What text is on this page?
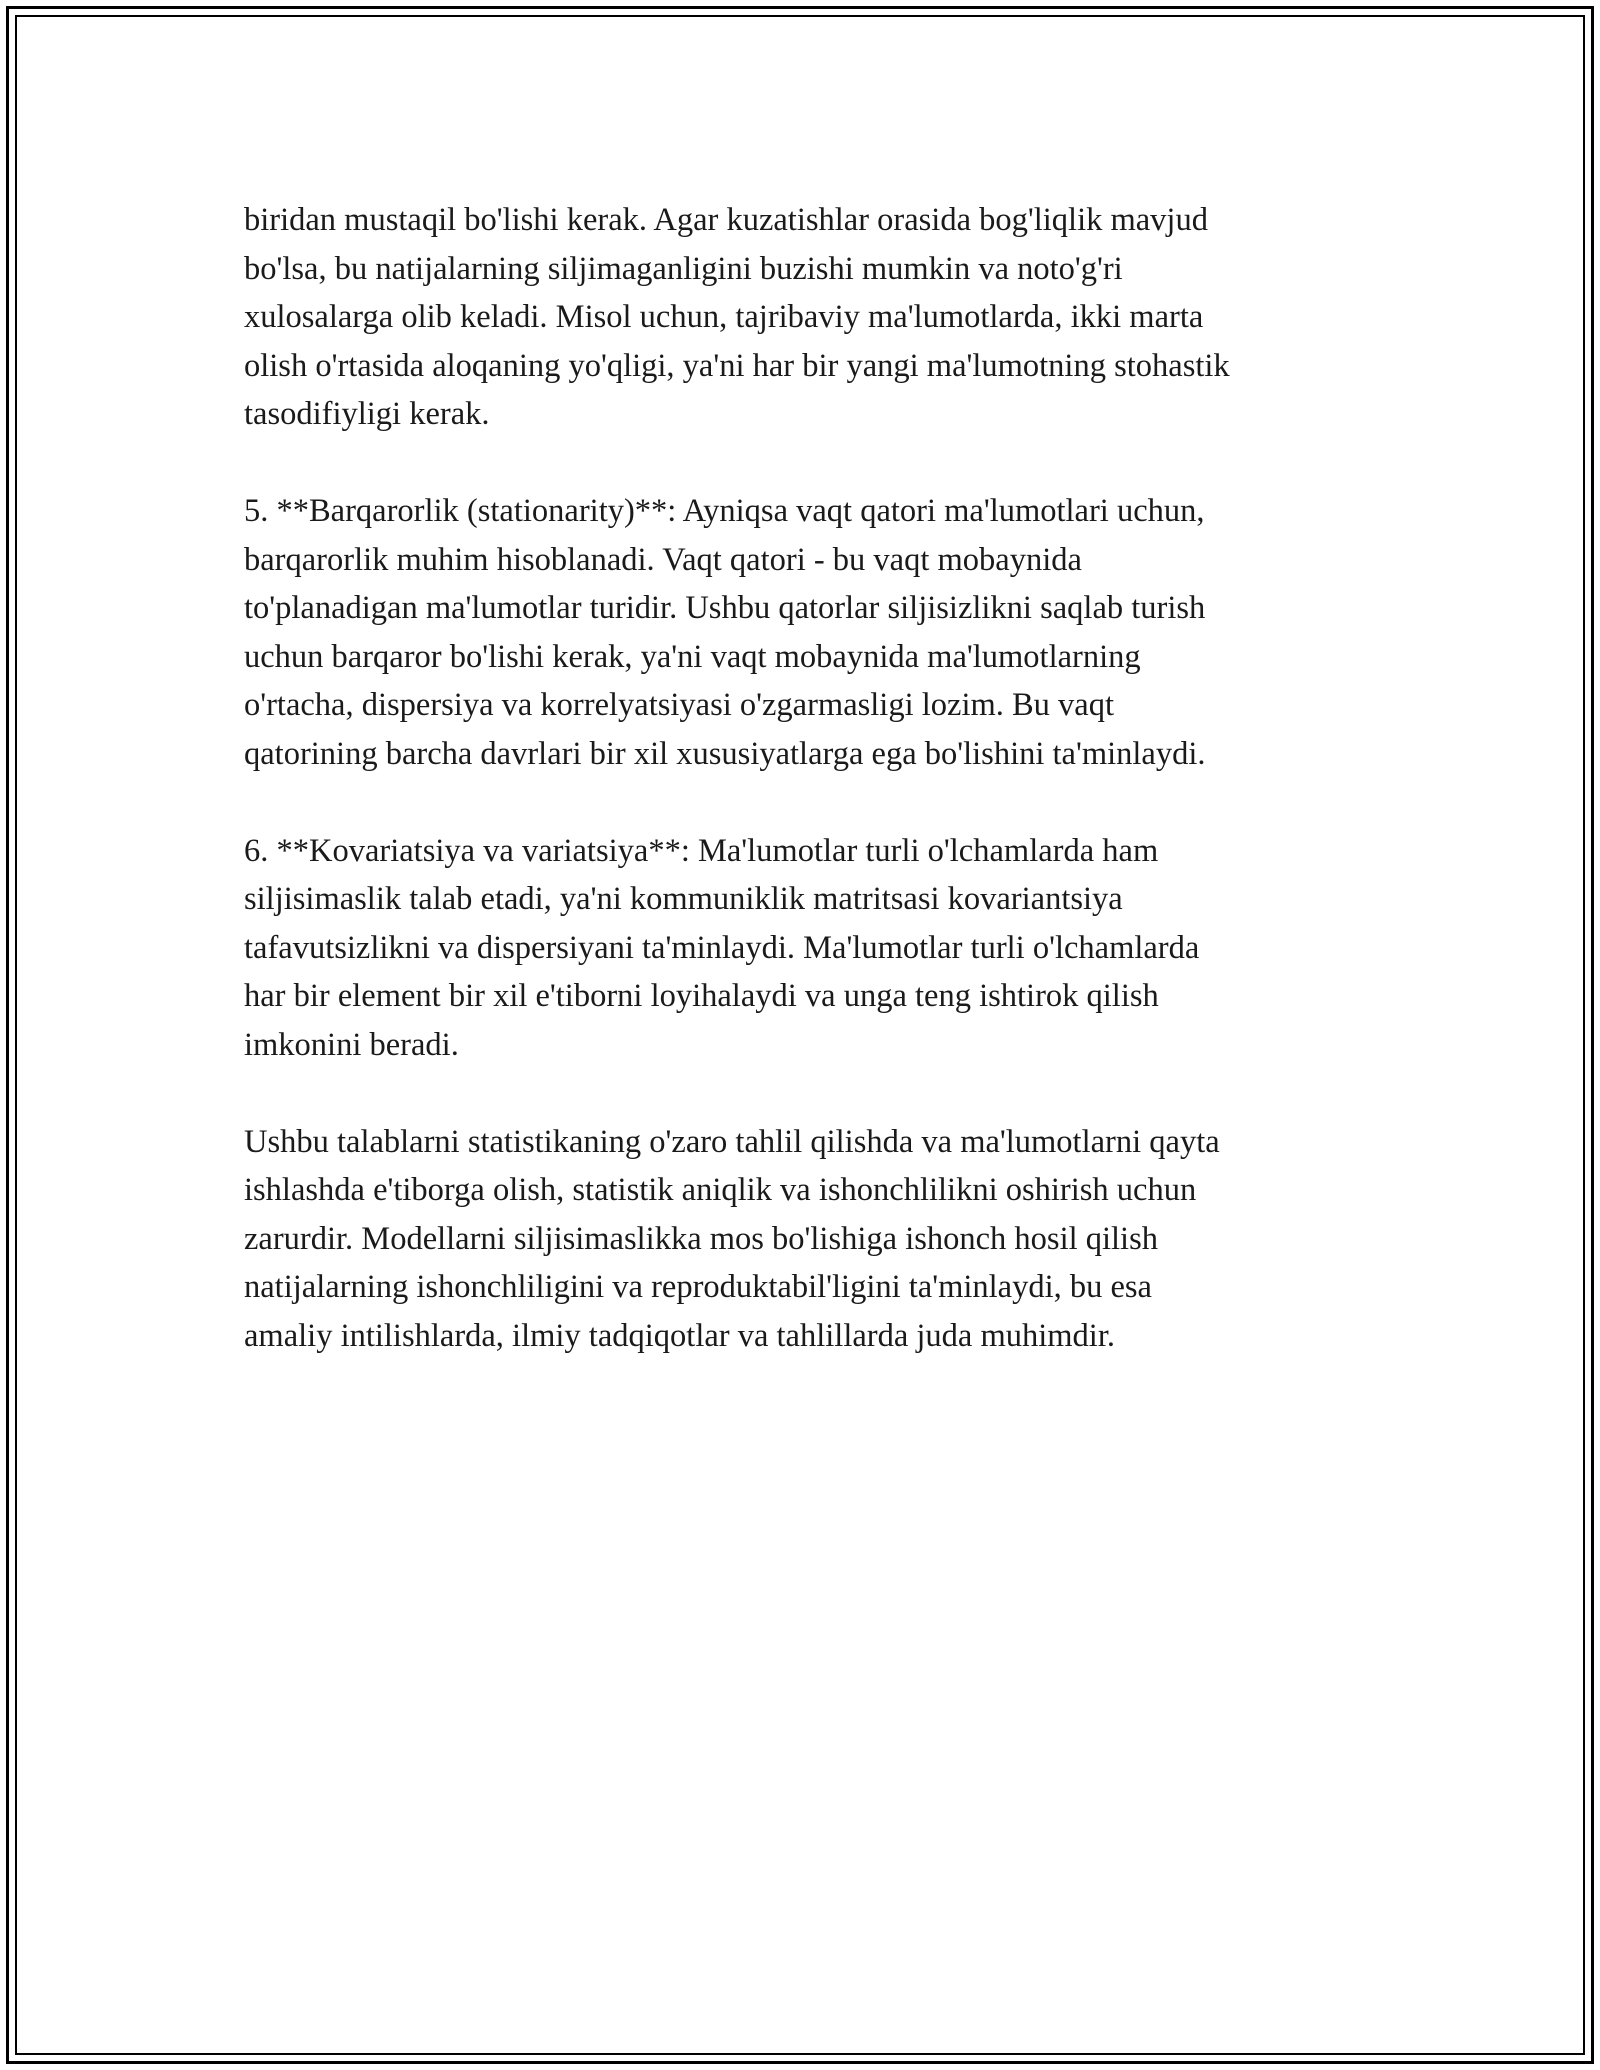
biridan mustaqil bo'lishi kerak. Agar kuzatishlar orasida bog'liqlik mavjud
bo'lsa, bu natijalarning siljimaganligini buzishi mumkin va noto'g'ri
xulosalarga olib keladi. Misol uchun, tajribaviy ma'lumotlarda, ikki marta
olish o'rtasida aloqaning yo'qligi, ya'ni har bir yangi ma'lumotning stohastik
tasodifiyligi kerak.

5. **Barqarorlik (stationarity)**: Ayniqsa vaqt qatori ma'lumotlari uchun,
barqarorlik muhim hisoblanadi. Vaqt qatori - bu vaqt mobaynida
to'planadigan ma'lumotlar turidir. Ushbu qatorlar siljisizlikni saqlab turish
uchun barqaror bo'lishi kerak, ya'ni vaqt mobaynida ma'lumotlarning
o'rtacha, dispersiya va korrelyatsiyasi o'zgarmasligi lozim. Bu vaqt
qatorining barcha davrlari bir xil xususiyatlarga ega bo'lishini ta'minlaydi.

6. **Kovariatsiya va variatsiya**: Ma'lumotlar turli o'lchamlarda ham
siljisimaslik talab etadi, ya'ni kommuniklik matritsasi kovariantsiya
tafavutsizlikni va dispersiyani ta'minlaydi. Ma'lumotlar turli o'lchamlarda
har bir element bir xil e'tiborni loyihalaydi va unga teng ishtirok qilish
imkonini beradi.

Ushbu talablarni statistikaning o'zaro tahlil qilishda va ma'lumotlarni qayta
ishlashda e'tiborga olish, statistik aniqlik va ishonchlilikni oshirish uchun
zarurdir. Modellarni siljisimaslikka mos bo'lishiga ishonch hosil qilish
natijalarning ishonchliligini va reproduktabil'ligini ta'minlaydi, bu esa
amaliy intilishlarda, ilmiy tadqiqotlar va tahlillarda juda muhimdir.
